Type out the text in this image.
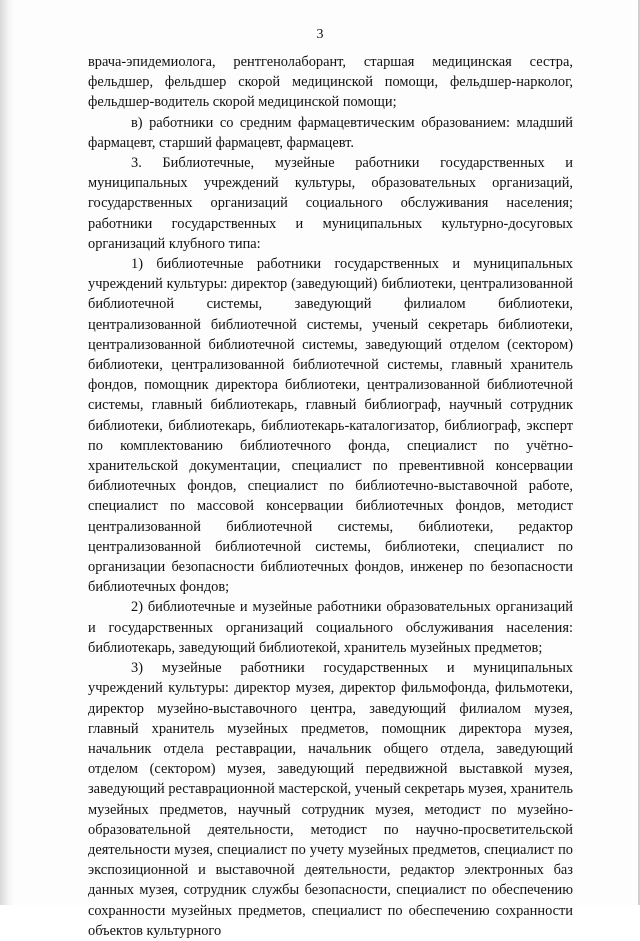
3

врача-эпидемиолога, рентгенолаборант, старшая медицинская сестра, фельдшер, фельдшер скорой медицинской помощи, фельдшер-нарколог, фельдшер-водитель скорой медицинской помощи;

в) работники со средним фармацевтическим образованием: младший фармацевт, старший фармацевт, фармацевт.

3. Библиотечные, музейные работники государственных и муниципальных учреждений культуры, образовательных организаций, государственных организаций социального обслуживания населения; работники государственных и муниципальных культурно-досуговых организаций клубного типа:

1) библиотечные работники государственных и муниципальных учреждений культуры: директор (заведующий) библиотеки, централизованной библиотечной системы, заведующий филиалом библиотеки, централизованной библиотечной системы, ученый секретарь библиотеки, централизованной библиотечной системы, заведующий отделом (сектором) библиотеки, централизованной библиотечной системы, главный хранитель фондов, помощник директора библиотеки, централизованной библиотечной системы, главный библиотекарь, главный библиограф, научный сотрудник библиотеки, библиотекарь, библиотекарь-каталогизатор, библиограф, эксперт по комплектованию библиотечного фонда, специалист по учётно-хранительской документации, специалист по превентивной консервации библиотечных фондов, специалист по библиотечно-выставочной работе, специалист по массовой консервации библиотечных фондов, методист централизованной библиотечной системы, библиотеки, редактор централизованной библиотечной системы, библиотеки, специалист по организации безопасности библиотечных фондов, инженер по безопасности библиотечных фондов;

2) библиотечные и музейные работники образовательных организаций и государственных организаций социального обслуживания населения: библиотекарь, заведующий библиотекой, хранитель музейных предметов;

3) музейные работники государственных и муниципальных учреждений культуры: директор музея, директор фильмофонда, фильмотеки, директор музейно-выставочного центра, заведующий филиалом музея, главный хранитель музейных предметов, помощник директора музея, начальник отдела реставрации, начальник общего отдела, заведующий отделом (сектором) музея, заведующий передвижной выставкой музея, заведующий реставрационной мастерской, ученый секретарь музея, хранитель музейных предметов, научный сотрудник музея, методист по музейно-образовательной деятельности, методист по научно-просветительской деятельности музея, специалист по учету музейных предметов, специалист по экспозиционной и выставочной деятельности, редактор электронных баз данных музея, сотрудник службы безопасности, специалист по обеспечению сохранности музейных предметов, специалист по обеспечению сохранности объектов культурного
